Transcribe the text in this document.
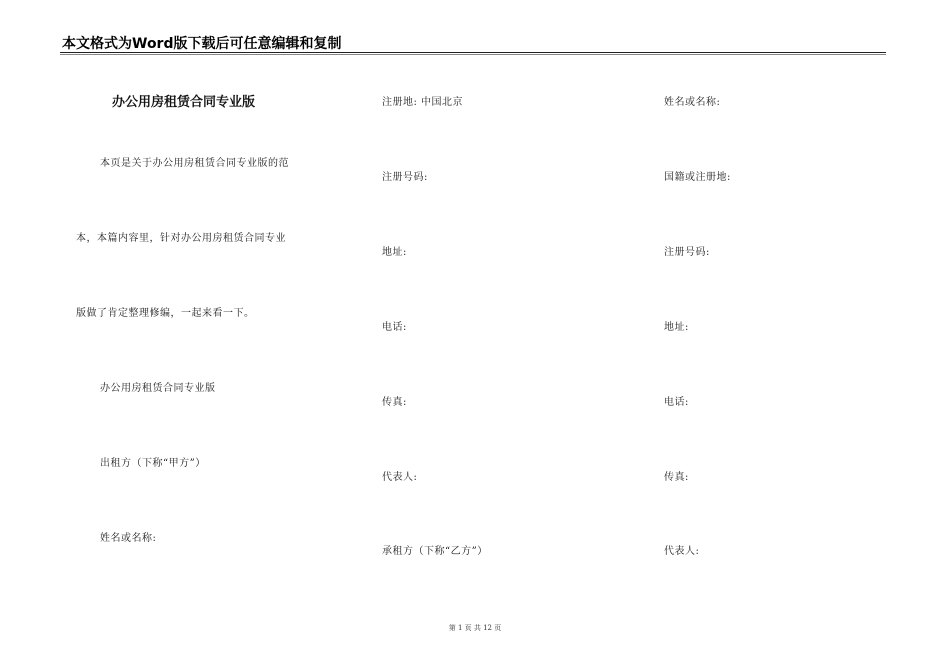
本文格式为Word版下载后可任意编辑和复制
办公用房租赁合同专业版
本页是关于办公用房租赁合同专业版的范
本，本篇内容里，针对办公用房租赁合同专业
版做了肯定整理修编，一起来看一下。
办公用房租赁合同专业版
出租方（下称“甲方”）
姓名或名称:
注册地: 中国北京
注册号码:
地址:
电话:
传真:
代表人:
承租方（下称“乙方”）
姓名或名称:
国籍或注册地:
注册号码:
地址:
电话:
传真:
代表人:
第 1 页 共 12 页
